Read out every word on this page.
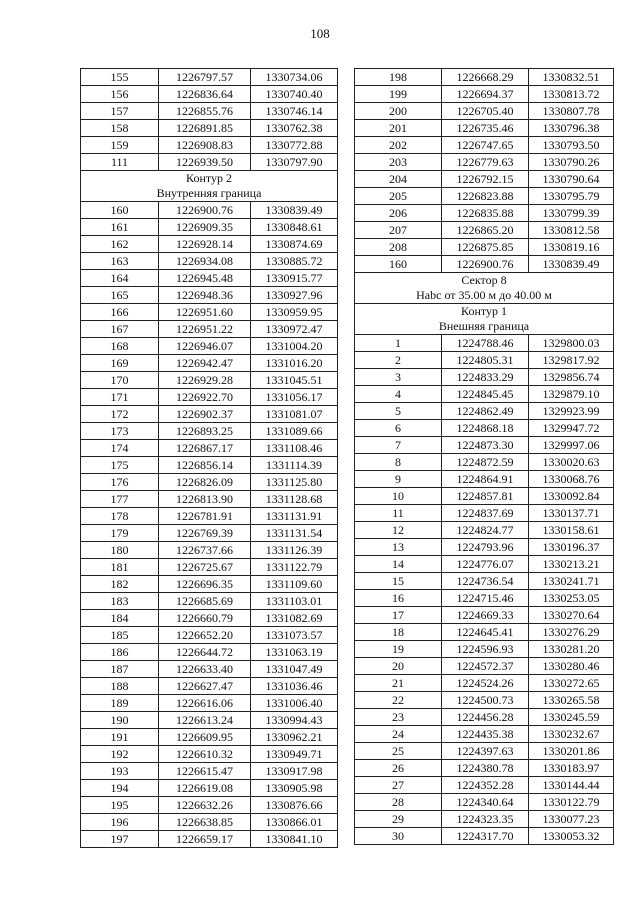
108
155	1226797.57	1330734.06
156	1226836.64	1330740.40
157	1226855.76	1330746.14
158	1226891.85	1330762.38
159	1226908.83	1330772.88
111	1226939.50	1330797.90

Контур 2
Внутренняя граница		

160	1226900.76	1330839.49
161	1226909.35	1330848.61
162	1226928.14	1330874.69
163	1226934.08	1330885.72
164	1226945.48	1330915.77
165	1226948.36	1330927.96
166	1226951.60	1330959.95
167	1226951.22	1330972.47
168	1226946.07	1331004.20
169	1226942.47	1331016.20
170	1226929.28	1331045.51
171	1226922.70	1331056.17
172	1226902.37	1331081.07
173	1226893.25	1331089.66
174	1226867.17	1331108.46
175	1226856.14	1331114.39
176	1226826.09	1331125.80
177	1226813.90	1331128.68
178	1226781.91	1331131.91
179	1226769.39	1331131.54
180	1226737.66	1331126.39
181	1226725.67	1331122.79
182	1226696.35	1331109.60
183	1226685.69	1331103.01
184	1226660.79	1331082.69
185	1226652.20	1331073.57
186	1226644.72	1331063.19
187	1226633.40	1331047.49
188	1226627.47	1331036.46
189	1226616.06	1331006.40
190	1226613.24	1330994.43
191	1226609.95	1330962.21
192	1226610.32	1330949.71
193	1226615.47	1330917.98
194	1226619.08	1330905.98
195	1226632.26	1330876.66
196	1226638.85	1330866.01
197	1226659.17	1330841.10
198	1226668.29	1330832.51
199	1226694.37	1330813.72
200	1226705.40	1330807.78
201	1226735.46	1330796.38
202	1226747.65	1330793.50
203	1226779.63	1330790.26
204	1226792.15	1330790.64
205	1226823.88	1330795.79
206	1226835.88	1330799.39
207	1226865.20	1330812.58
208	1226875.85	1330819.16
160	1226900.76	1330839.49

Сектор 8
Нabс от 35.00 м до 40.00 м		

Контур 1
Внешняя граница		

1	1224788.46	1329800.03
2	1224805.31	1329817.92
3	1224833.29	1329856.74
4	1224845.45	1329879.10
5	1224862.49	1329923.99
6	1224868.18	1329947.72
7	1224873.30	1329997.06
8	1224872.59	1330020.63
9	1224864.91	1330068.76
10	1224857.81	1330092.84
11	1224837.69	1330137.71
12	1224824.77	1330158.61
13	1224793.96	1330196.37
14	1224776.07	1330213.21
15	1224736.54	1330241.71
16	1224715.46	1330253.05
17	1224669.33	1330270.64
18	1224645.41	1330276.29
19	1224596.93	1330281.20
20	1224572.37	1330280.46
21	1224524.26	1330272.65
22	1224500.73	1330265.58
23	1224456.28	1330245.59
24	1224435.38	1330232.67
25	1224397.63	1330201.86
26	1224380.78	1330183.97
27	1224352.28	1330144.44
28	1224340.64	1330122.79
29	1224323.35	1330077.23
30	1224317.70	1330053.32
